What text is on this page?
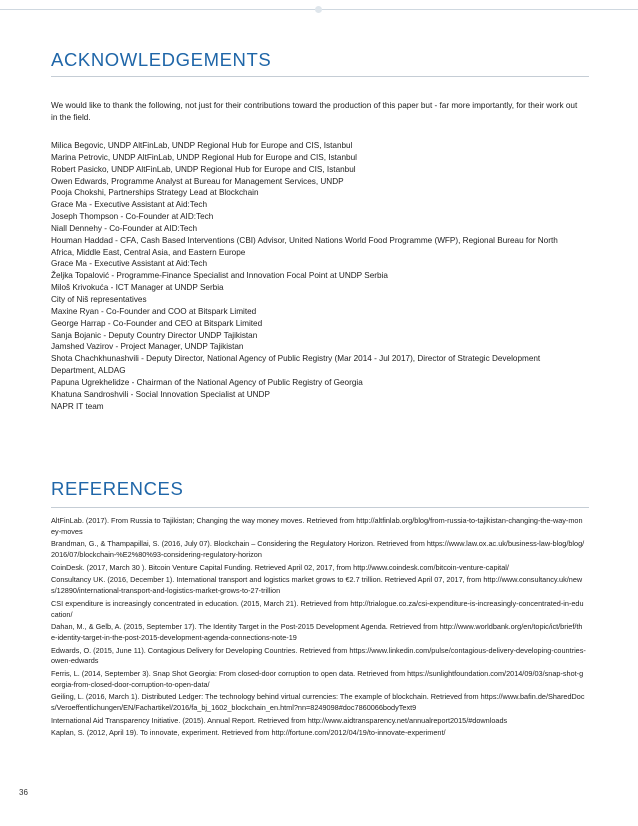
ACKNOWLEDGEMENTS

We would like to thank the following, not just for their contributions toward the production of this paper but - far more importantly, for their work out in the field.

Milica Begovic, UNDP AltFinLab, UNDP Regional Hub for Europe and CIS, Istanbul
Marina Petrovic, UNDP AltFinLab, UNDP Regional Hub for Europe and CIS, Istanbul
Robert Pasicko, UNDP AltFinLab, UNDP Regional Hub for Europe and CIS, Istanbul
Owen Edwards, Programme Analyst at Bureau for Management Services, UNDP
Pooja Chokshi, Partnerships Strategy Lead at Blockchain
Grace Ma - Executive Assistant at Aid:Tech
Joseph Thompson - Co-Founder at AID:Tech
Niall Dennehy - Co-Founder at AID:Tech
Houman Haddad - CFA, Cash Based Interventions (CBI) Advisor, United Nations World Food Programme (WFP), Regional Bureau for North Africa, Middle East, Central Asia, and Eastern Europe
Grace Ma - Executive Assistant at Aid:Tech
Željka Topalović - Programme-Finance Specialist and Innovation Focal Point at UNDP Serbia
Miloš Krivokuća - ICT Manager at UNDP Serbia
City of Niš representatives
Maxine Ryan - Co-Founder and COO at Bitspark Limited
George Harrap - Co-Founder and CEO at Bitspark Limited
Sanja Bojanic - Deputy Country Director UNDP Tajikistan
Jamshed Vazirov - Project Manager, UNDP Tajikistan
Shota Chachkhunashvili - Deputy Director, National Agency of Public Registry (Mar 2014 - Jul 2017), Director of Strategic Development Department, ALDAG
Papuna Ugrekhelidze - Chairman of the National Agency of Public Registry of Georgia
Khatuna Sandroshvili - Social Innovation Specialist at UNDP
NAPR IT team
REFERENCES
AltFinLab. (2017). From Russia to Tajikistan; Changing the way money moves. Retrieved from http://altfinlab.org/blog/from-russia-to-tajikistan-changing-the-way-money-moves
Brandman, G., & Thampapillai, S. (2016, July 07). Blockchain – Considering the Regulatory Horizon. Retrieved from https://www.law.ox.ac.uk/business-law-blog/blog/2016/07/blockchain-%E2%80%93-considering-regulatory-horizon
CoinDesk. (2017, March 30 ). Bitcoin Venture Capital Funding. Retrieved April 02, 2017, from http://www.coindesk.com/bitcoin-venture-capital/
Consultancy UK. (2016, December 1). International transport and logistics market grows to €2.7 trillion. Retrieved April 07, 2017, from http://www.consultancy.uk/news/12890/international-transport-and-logistics-market-grows-to-27-trillion
CSI expenditure is increasingly concentrated in education. (2015, March 21). Retrieved from http://trialogue.co.za/csi-expenditure-is-increasingly-concentrated-in-education/
Dahan, M., & Gelb, A. (2015, September 17). The Identity Target in the Post-2015 Development Agenda. Retrieved from http://www.worldbank.org/en/topic/ict/brief/the-identity-target-in-the-post-2015-development-agenda-connections-note-19
Edwards, O. (2015, June 11). Contagious Delivery for Developing Countries. Retrieved from https://www.linkedin.com/pulse/contagious-delivery-developing-countries-owen-edwards
Ferris, L. (2014, September 3). Snap Shot Georgia: From closed-door corruption to open data. Retrieved from https://sunlightfoundation.com/2014/09/03/snap-shot-georgia-from-closed-door-corruption-to-open-data/
Geiling, L. (2016, March 1). Distributed Ledger: The technology behind virtual currencies: The example of blockchain. Retrieved from https://www.bafin.de/SharedDocs/Veroeffentlichungen/EN/Fachartikel/2016/fa_bj_1602_blockchain_en.html?nn=8249098#doc7860066bodyText9
International Aid Transparency Initiative. (2015). Annual Report. Retrieved from http://www.aidtransparency.net/annualreport2015/#downloads
Kaplan, S. (2012, April 19). To innovate, experiment. Retrieved from http://fortune.com/2012/04/19/to-innovate-experiment/
36
